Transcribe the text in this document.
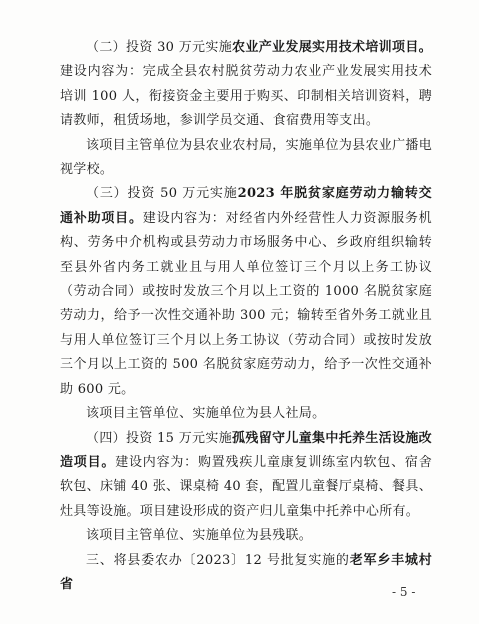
（二）投资 30 万元实施农业产业发展实用技术培训项目。建设内容为：完成全县农村脱贫劳动力农业产业发展实用技术培训 100 人，衔接资金主要用于购买、印制相关培训资料，聘请教师，租赁场地，参训学员交通、食宿费用等支出。

该项目主管单位为县农业农村局，实施单位为县农业广播电视学校。

（三）投资 50 万元实施2023 年脱贫家庭劳动力输转交通补助项目。建设内容为：对经省内外经营性人力资源服务机构、劳务中介机构或县劳动力市场服务中心、乡政府组织输转至县外省内务工就业且与用人单位签订三个月以上务工协议（劳动合同）或按时发放三个月以上工资的 1000 名脱贫家庭劳动力，给予一次性交通补助 300 元；输转至省外务工就业且与用人单位签订三个月以上务工协议（劳动合同）或按时发放三个月以上工资的 500 名脱贫家庭劳动力，给予一次性交通补助 600 元。

该项目主管单位、实施单位为县人社局。

（四）投资 15 万元实施孤残留守儿童集中托养生活设施改造项目。建设内容为：购置残疾儿童康复训练室内软包、宿舍软包、床铺 40 张、课桌椅 40 套，配置儿童餐厅桌椅、餐具、灶具等设施。项目建设形成的资产归儿童集中托养中心所有。

该项目主管单位、实施单位为县残联。

三、将县委农办〔2023〕12 号批复实施的老军乡丰城村省

- 5 -
